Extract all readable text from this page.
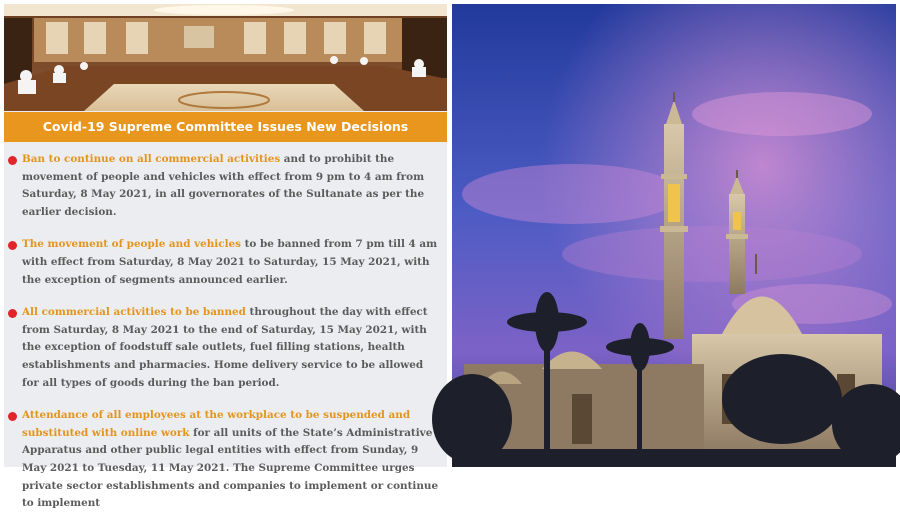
Covid-19 Supreme Committee Issues New Decisions
Ban to continue on all commercial activities and to prohibit the movement of people and vehicles with effect from 9 pm to 4 am from Saturday, 8 May 2021, in all governorates of the Sultanate as per the earlier decision.
The movement of people and vehicles to be banned from 7 pm till 4 am with effect from Saturday, 8 May 2021 to Saturday, 15 May 2021, with the exception of segments announced earlier.
All commercial activities to be banned throughout the day with effect from Saturday, 8 May 2021 to the end of Saturday, 15 May 2021, with the exception of foodstuff sale outlets, fuel filling stations, health establishments and pharmacies. Home delivery service to be allowed for all types of goods during the ban period.
Attendance of all employees at the workplace to be suspended and substituted with online work for all units of the State’s Administrative Apparatus and other public legal entities with effect from Sunday, 9 May 2021 to Tuesday, 11 May 2021. The Supreme Committee urges private sector establishments and companies to implement or continue to implement
